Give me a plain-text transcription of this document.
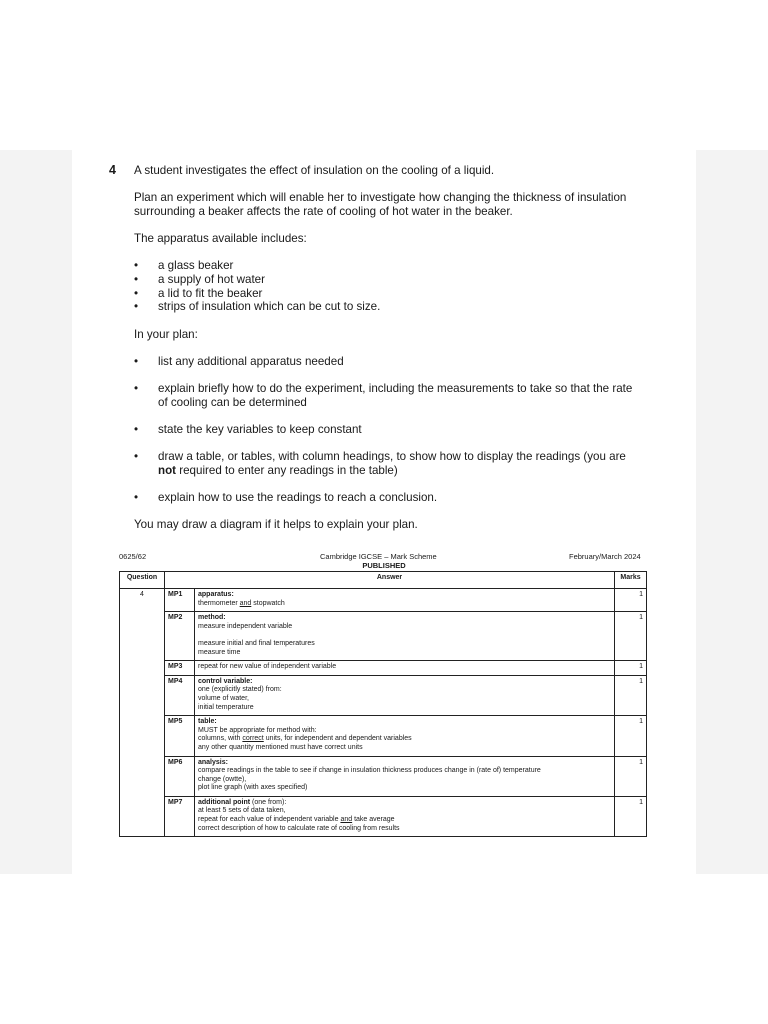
4 A student investigates the effect of insulation on the cooling of a liquid.
Plan an experiment which will enable her to investigate how changing the thickness of insulation
surrounding a beaker affects the rate of cooling of hot water in the beaker.
The apparatus available includes:
• a glass beaker
• a supply of hot water
• a lid to fit the beaker
• strips of insulation which can be cut to size.
In your plan:
• list any additional apparatus needed
• explain briefly how to do the experiment, including the measurements to take so that the rate
of cooling can be determined
• state the key variables to keep constant
• draw a table, or tables, with column headings, to show how to display the readings (you are
not required to enter any readings in the table)
• explain how to use the readings to reach a conclusion.
You may draw a diagram if it helps to explain your plan.
0625/62	Cambridge IGCSE – Mark Scheme	February/March 2024
PUBLISHED
Question	Answer		Marks
4	MP1	apparatus:
thermometer and stopwatch	1
	MP2	method:
measure independent variable
measure initial and final temperatures
measure time	1
	MP3	repeat for new value of independent variable	1
	MP4	control variable:
one (explicitly stated) from:
volume of water,
initial temperature	1
	MP5	table:
MUST be appropriate for method with:
columns, with correct units, for independent and dependent variables
any other quantity mentioned must have correct units	1
	MP6	analysis:
compare readings in the table to see if change in insulation thickness produces change in (rate of) temperature
change (owtte),
plot line graph (with axes specified)	1
	MP7	additional point (one from):
at least 5 sets of data taken,
repeat for each value of independent variable and take average
correct description of how to calculate rate of cooling from results	1
